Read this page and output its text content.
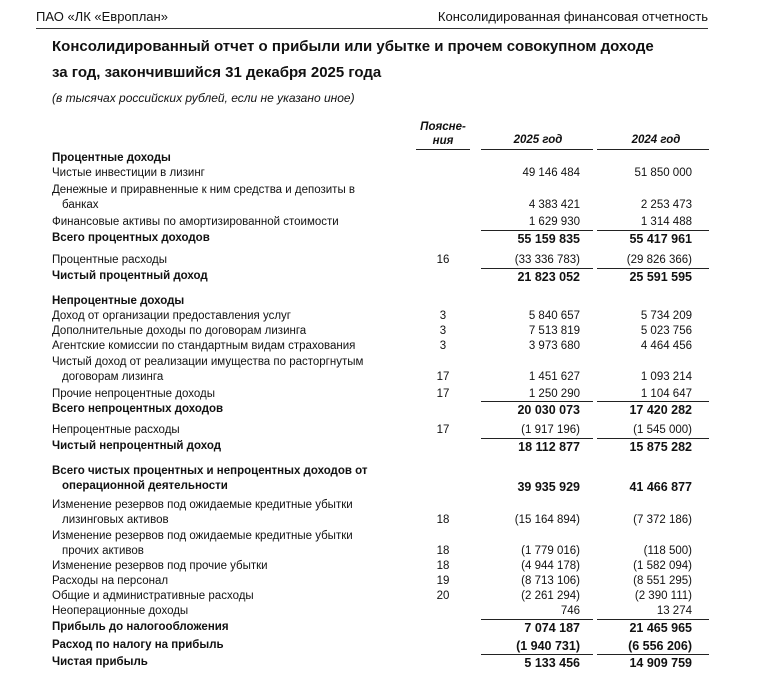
ПАО «ЛК «Европлан»	Консолидированная финансовая отчетность
Консолидированный отчет о прибыли или убытке и прочем совокупном доходе
за год, закончившийся 31 декабря 2025 года
(в тысячах российских рублей, если не указано иное)
Поясне-
ния	2025 год	2024 год
Процентные доходы
Чистые инвестиции в лизинг	49 146 484	51 850 000
Денежные и приравненные к ним средства и депозиты в
банках	4 383 421	2 253 473
Финансовые активы по амортизированной стоимости	1 629 930	1 314 488
Всего процентных доходов	55 159 835	55 417 961
Процентные расходы	16	(33 336 783)	(29 826 366)
Чистый процентный доход	21 823 052	25 591 595
Непроцентные доходы
Доход от организации предоставления услуг	3	5 840 657	5 734 209
Дополнительные доходы по договорам лизинга	3	7 513 819	5 023 756
Агентские комиссии по стандартным видам страхования	3	3 973 680	4 464 456
Чистый доход от реализации имущества по расторгнутым
договорам лизинга	17	1 451 627	1 093 214
Прочие непроцентные доходы	17	1 250 290	1 104 647
Всего непроцентных доходов	20 030 073	17 420 282
Непроцентные расходы	17	(1 917 196)	(1 545 000)
Чистый непроцентный доход	18 112 877	15 875 282
Всего чистых процентных и непроцентных доходов от
операционной деятельности	39 935 929	41 466 877
Изменение резервов под ожидаемые кредитные убытки
лизинговых активов	18	(15 164 894)	(7 372 186)
Изменение резервов под ожидаемые кредитные убытки
прочих активов	18	(1 779 016)	(118 500)
Изменение резервов под прочие убытки	18	(4 944 178)	(1 582 094)
Расходы на персонал	19	(8 713 106)	(8 551 295)
Общие и административные расходы	20	(2 261 294)	(2 390 111)
Неоперационные доходы	746	13 274
Прибыль до налогообложения	7 074 187	21 465 965
Расход по налогу на прибыль	(1 940 731)	(6 556 206)
Чистая прибыль	5 133 456	14 909 759
